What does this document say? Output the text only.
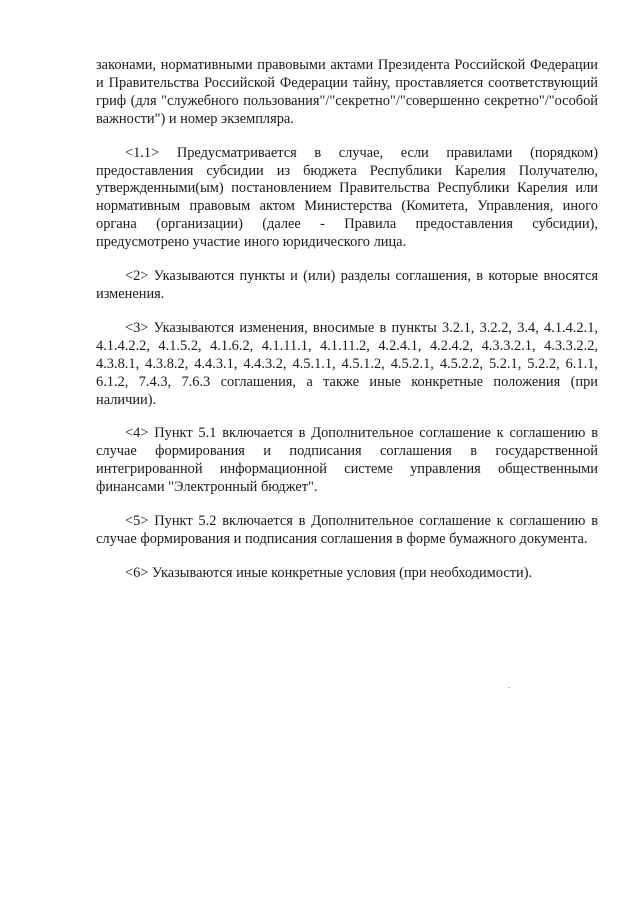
законами, нормативными правовыми актами Президента Российской Федерации и Правительства Российской Федерации тайну, проставляется соответствующий гриф (для "служебного пользования"/"секретно"/"совершенно секретно"/"особой важности") и номер экземпляра.

<1.1> Предусматривается в случае, если правилами (порядком) предоставления субсидии из бюджета Республики Карелия Получателю, утвержденными(ым) постановлением Правительства Республики Карелия или нормативным правовым актом Министерства (Комитета, Управления, иного органа (организации) (далее - Правила предоставления субсидии), предусмотрено участие иного юридического лица.

<2> Указываются пункты и (или) разделы соглашения, в которые вносятся изменения.

<3> Указываются изменения, вносимые в пункты 3.2.1, 3.2.2, 3.4, 4.1.4.2.1, 4.1.4.2.2, 4.1.5.2, 4.1.6.2, 4.1.11.1, 4.1.11.2, 4.2.4.1, 4.2.4.2, 4.3.3.2.1, 4.3.3.2.2, 4.3.8.1, 4.3.8.2, 4.4.3.1, 4.4.3.2, 4.5.1.1, 4.5.1.2, 4.5.2.1, 4.5.2.2, 5.2.1, 5.2.2, 6.1.1, 6.1.2, 7.4.3, 7.6.3 соглашения, а также иные конкретные положения (при наличии).

<4> Пункт 5.1 включается в Дополнительное соглашение к соглашению в случае формирования и подписания соглашения в государственной интегрированной информационной системе управления общественными финансами "Электронный бюджет".

<5> Пункт 5.2 включается в Дополнительное соглашение к соглашению в случае формирования и подписания соглашения в форме бумажного документа.

<6> Указываются иные конкретные условия (при необходимости).
